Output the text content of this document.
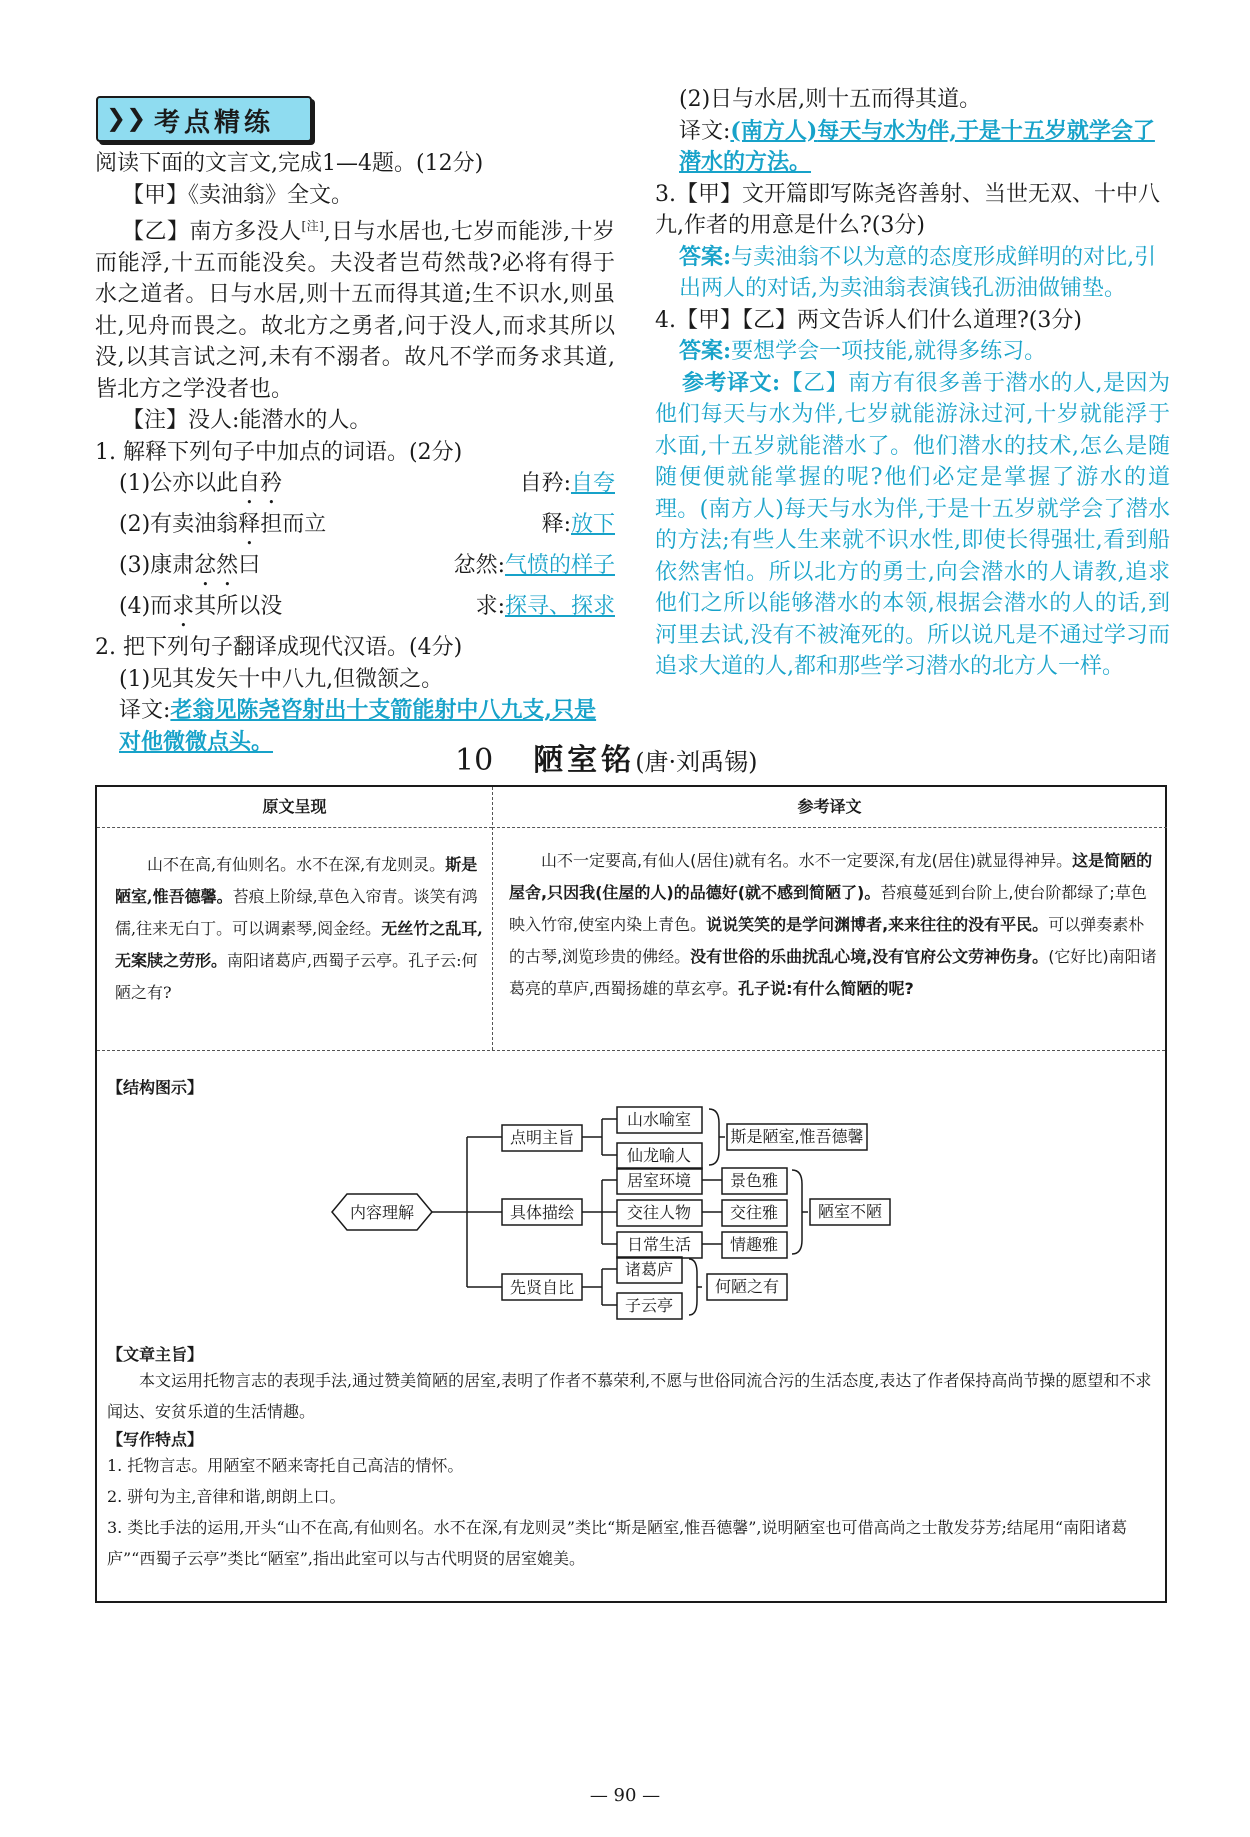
❯❯ 考点精练

阅读下面的文言文,完成1—4题。(12分)

【甲】《卖油翁》全文。

【乙】南方多没人[注],日与水居也,七岁而能涉,十岁而能浮,十五而能没矣。夫没者岂苟然哉?必将有得于水之道者。日与水居,则十五而得其道;生不识水,则虽壮,见舟而畏之。故北方之勇者,问于没人,而求其所以没,以其言试之河,未有不溺者。故凡不学而务求其道,皆北方之学没者也。

【注】没人:能潜水的人。

1. 解释下列句子中加点的词语。(2分)

(1)公亦以此自矜	自矜:自夸
(2)有卖油翁释担而立	释:放下
(3)康肃忿然曰	忿然:气愤的样子
(4)而求其所以没	求:探寻、探求

2. 把下列句子翻译成现代汉语。(4分)

(1)见其发矢十中八九,但微颔之。

译文:老翁见陈尧咨射出十支箭能射中八九支,只是对他微微点头。

(2)日与水居,则十五而得其道。

译文:(南方人)每天与水为伴,于是十五岁就学会了潜水的方法。

3.【甲】文开篇即写陈尧咨善射、当世无双、十中八九,作者的用意是什么?(3分)

答案:与卖油翁不以为意的态度形成鲜明的对比,引出两人的对话,为卖油翁表演钱孔沥油做铺垫。

4.【甲】【乙】两文告诉人们什么道理?(3分)

答案:要想学会一项技能,就得多练习。

参考译文:【乙】南方有很多善于潜水的人,是因为他们每天与水为伴,七岁就能游泳过河,十岁就能浮于水面,十五岁就能潜水了。他们潜水的技术,怎么是随随便便就能掌握的呢?他们必定是掌握了游水的道理。(南方人)每天与水为伴,于是十五岁就学会了潜水的方法;有些人生来就不识水性,即使长得强壮,看到船依然害怕。所以北方的勇士,向会潜水的人请教,追求他们之所以能够潜水的本领,根据会潜水的人的话,到河里去试,没有不被淹死的。所以说凡是不通过学习而追求大道的人,都和那些学习潜水的北方人一样。

10 陋室铭(唐·刘禹锡)
原文呈现	参考译文
山不在高,有仙则名。水不在深,有龙则灵。斯是陋室,惟吾德馨。苔痕上阶绿,草色入帘青。谈笑有鸿儒,往来无白丁。可以调素琴,阅金经。无丝竹之乱耳,无案牍之劳形。南阳诸葛庐,西蜀子云亭。孔子云:何陋之有?
山不一定要高,有仙人(居住)就有名。水不一定要深,有龙(居住)就显得神异。这是简陋的屋舍,只因我(住屋的人)的品德好(就不感到简陋了)。苔痕蔓延到台阶上,使台阶都绿了;草色映入竹帘,使室内染上青色。说说笑笑的是学问渊博者,来来往往的没有平民。可以弹奏素朴的古琴,浏览珍贵的佛经。没有世俗的乐曲扰乱心境,没有官府公文劳神伤身。(它好比)南阳诸葛亮的草庐,西蜀扬雄的草玄亭。孔子说:有什么简陋的呢?
【结构图示】
内容理解
点明主旨
具体描绘
先贤自比
山水喻室
仙龙喻人
斯是陋室,惟吾德馨
居室环境
交往人物
日常生活
景色雅
交往雅
情趣雅
陋室不陋
诸葛庐
子云亭
何陋之有
【文章主旨】
本文运用托物言志的表现手法,通过赞美简陋的居室,表明了作者不慕荣利,不愿与世俗同流合污的生活态度,表达了作者保持高尚节操的愿望和不求闻达、安贫乐道的生活情趣。
【写作特点】
1. 托物言志。用陋室不陋来寄托自己高洁的情怀。
2. 骈句为主,音律和谐,朗朗上口。
3. 类比手法的运用,开头“山不在高,有仙则名。水不在深,有龙则灵”类比“斯是陋室,惟吾德馨”,说明陋室也可借高尚之士散发芬芳;结尾用“南阳诸葛庐”“西蜀子云亭”类比“陋室”,指出此室可以与古代明贤的居室媲美。
— 90 —
